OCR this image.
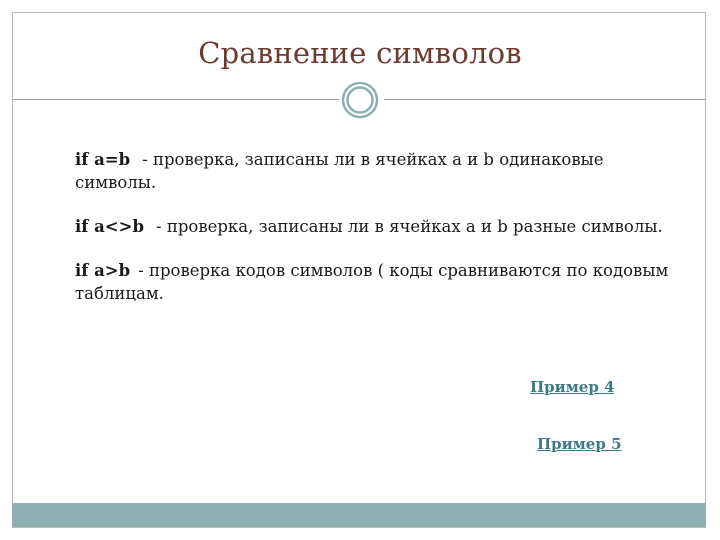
Сравнение символов

if a=b - проверка, записаны ли в ячейках a и b одинаковые символы.

if a<>b - проверка, записаны ли в ячейках a и b разные символы.

if a>b - проверка кодов символов ( коды сравниваются по кодовым таблицам.

Пример 4
Пример 5
